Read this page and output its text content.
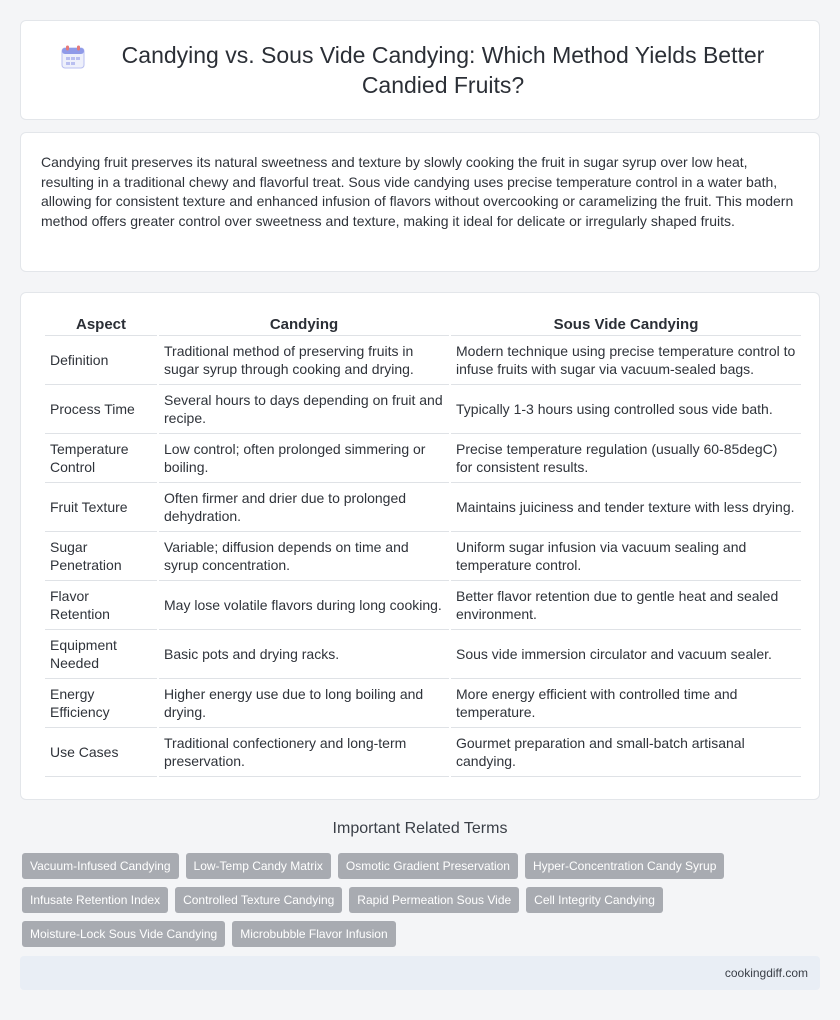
Candying vs. Sous Vide Candying: Which Method Yields Better Candied Fruits?

Candying fruit preserves its natural sweetness and texture by slowly cooking the fruit in sugar syrup over low heat, resulting in a traditional chewy and flavorful treat. Sous vide candying uses precise temperature control in a water bath, allowing for consistent texture and enhanced infusion of flavors without overcooking or caramelizing the fruit. This modern method offers greater control over sweetness and texture, making it ideal for delicate or irregularly shaped fruits.

Aspect	Candying	Sous Vide Candying
Definition	Traditional method of preserving fruits in sugar syrup through cooking and drying.	Modern technique using precise temperature control to infuse fruits with sugar via vacuum-sealed bags.
Process Time	Several hours to days depending on fruit and recipe.	Typically 1-3 hours using controlled sous vide bath.
Temperature Control	Low control; often prolonged simmering or boiling.	Precise temperature regulation (usually 60-85degC) for consistent results.
Fruit Texture	Often firmer and drier due to prolonged dehydration.	Maintains juiciness and tender texture with less drying.
Sugar Penetration	Variable; diffusion depends on time and syrup concentration.	Uniform sugar infusion via vacuum sealing and temperature control.
Flavor Retention	May lose volatile flavors during long cooking.	Better flavor retention due to gentle heat and sealed environment.
Equipment Needed	Basic pots and drying racks.	Sous vide immersion circulator and vacuum sealer.
Energy Efficiency	Higher energy use due to long boiling and drying.	More energy efficient with controlled time and temperature.
Use Cases	Traditional confectionery and long-term preservation.	Gourmet preparation and small-batch artisanal candying.
Important Related Terms
Vacuum-Infused Candying	Low-Temp Candy Matrix	Osmotic Gradient Preservation	Hyper-Concentration Candy Syrup
Infusate Retention Index	Controlled Texture Candying	Rapid Permeation Sous Vide	Cell Integrity Candying
Moisture-Lock Sous Vide Candying	Microbubble Flavor Infusion
cookingdiff.com
